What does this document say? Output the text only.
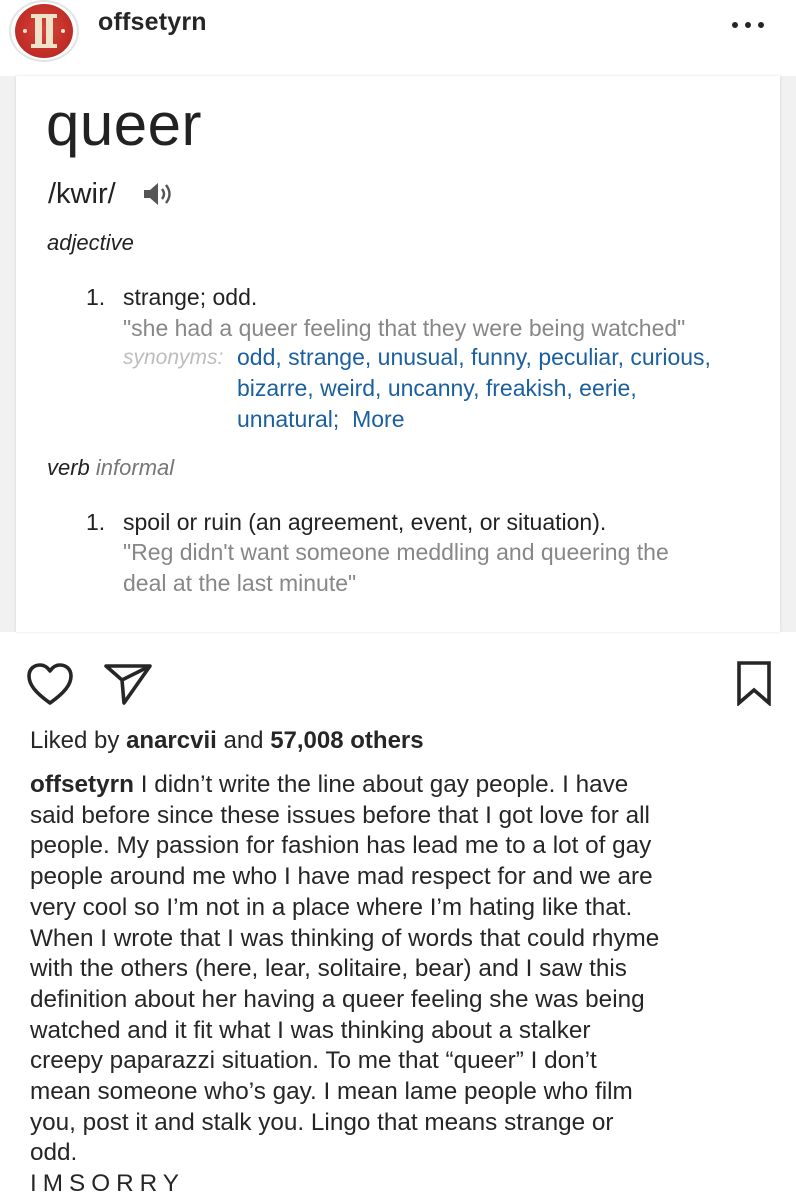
offsetyrn
queer
/kwir/
adjective
1. strange; odd.
"she had a queer feeling that they were being watched"
synonyms: odd, strange, unusual, funny, peculiar, curious,
bizarre, weird, uncanny, freakish, eerie,
unnatural; More
verb informal
1. spoil or ruin (an agreement, event, or situation).
"Reg didn't want someone meddling and queering the
deal at the last minute"
Liked by anarcvii and 57,008 others
offsetyrn I didn’t write the line about gay people. I have
said before since these issues before that I got love for all
people. My passion for fashion has lead me to a lot of gay
people around me who I have mad respect for and we are
very cool so I’m not in a place where I’m hating like that.
When I wrote that I was thinking of words that could rhyme
with the others (here, lear, solitaire, bear) and I saw this
definition about her having a queer feeling she was being
watched and it fit what I was thinking about a stalker
creepy paparazzi situation. To me that “queer” I don’t
mean someone who’s gay. I mean lame people who film
you, post it and stalk you. Lingo that means strange or
odd.
IMSORRY
